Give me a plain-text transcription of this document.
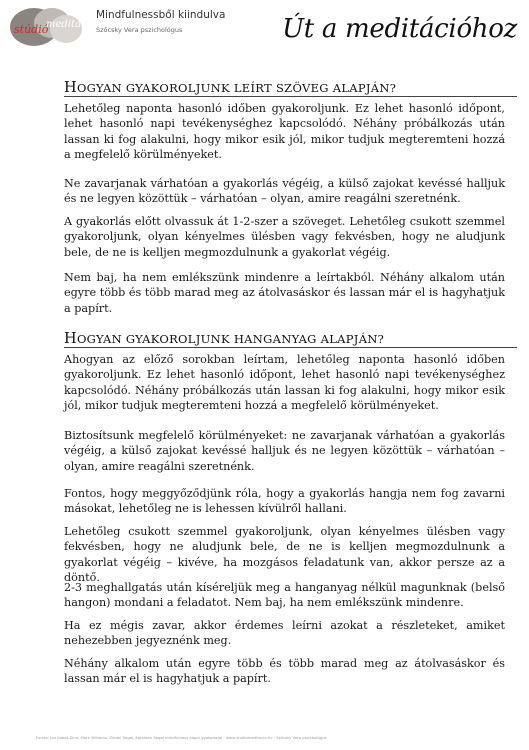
stúdió
meditáció
Mindfulnessből kiindulva
Szőcsky Vera pszichológus	Út a meditációhoz
HOGYAN GYAKOROLJUNK LEÍRT SZÖVEG ALAPJÁN?
Lehetőleg naponta hasonló időben gyakoroljunk. Ez lehet hasonló időpont, lehet hasonló napi tevékenységhez kapcsolódó. Néhány próbálkozás után lassan ki fog alakulni, hogy mikor esik jól, mikor tudjuk megteremteni hozzá a megfelelő körülményeket.
Ne zavarjanak várhatóan a gyakorlás végéig, a külső zajokat kevéssé halljuk és ne legyen közöttük – várhatóan – olyan, amire reagálni szeretnénk.
A gyakorlás előtt olvassuk át 1-2-szer a szöveget. Lehetőleg csukott szemmel gyakoroljunk, olyan kényelmes ülésben vagy fekvésben, hogy ne aludjunk bele, de ne is kelljen megmozdulnunk a gyakorlat végéig.
Nem baj, ha nem emlékszünk mindenre a leírtakból. Néhány alkalom után egyre több és több marad meg az átolvasáskor és lassan már el is hagyhatjuk a papírt.
HOGYAN GYAKOROLJUNK HANGANYAG ALAPJÁN?
Ahogyan az előző sorokban leírtam, lehetőleg naponta hasonló időben gyakoroljunk. Ez lehet hasonló időpont, lehet hasonló napi tevékenységhez kapcsolódó. Néhány próbálkozás után lassan ki fog alakulni, hogy mikor esik jól, mikor tudjuk megteremteni hozzá a megfelelő körülményeket.
Biztosítsunk megfelelő körülményeket: ne zavarjanak várhatóan a gyakorlás végéig, a külső zajokat kevéssé halljuk és ne legyen közöttük – várhatóan – olyan, amire reagálni szeretnénk.
Fontos, hogy meggyőződjünk róla, hogy a gyakorlás hangja nem fog zavarni másokat, lehetőleg ne is lehessen kívülről hallani.
Lehetőleg csukott szemmel gyakoroljunk, olyan kényelmes ülésben vagy fekvésben, hogy ne aludjunk bele, de ne is kelljen megmozdulnunk a gyakorlat végéig – kivéve, ha mozgásos feladatunk van, akkor persze az a döntő.
2-3 meghallgatás után kíséreljük meg a hanganyag nélkül magunknak (belső hangon) mondani a feladatot. Nem baj, ha nem emlékszünk mindenre.
Ha ez mégis zavar, akkor érdemes leírni azokat a részleteket, amiket nehezebben jegyeznénk meg.
Néhány alkalom után egyre több és több marad meg az átolvasáskor és lassan már el is hagyhatjuk a papírt.
Forrás: Jon Kabat-Zinn, Mark Williams, Zindel Segal, Kathleen Segal mindfulness alapú gyakorlatai · www.studiomeditacio.hu · Szőcsky Vera pszichológus
